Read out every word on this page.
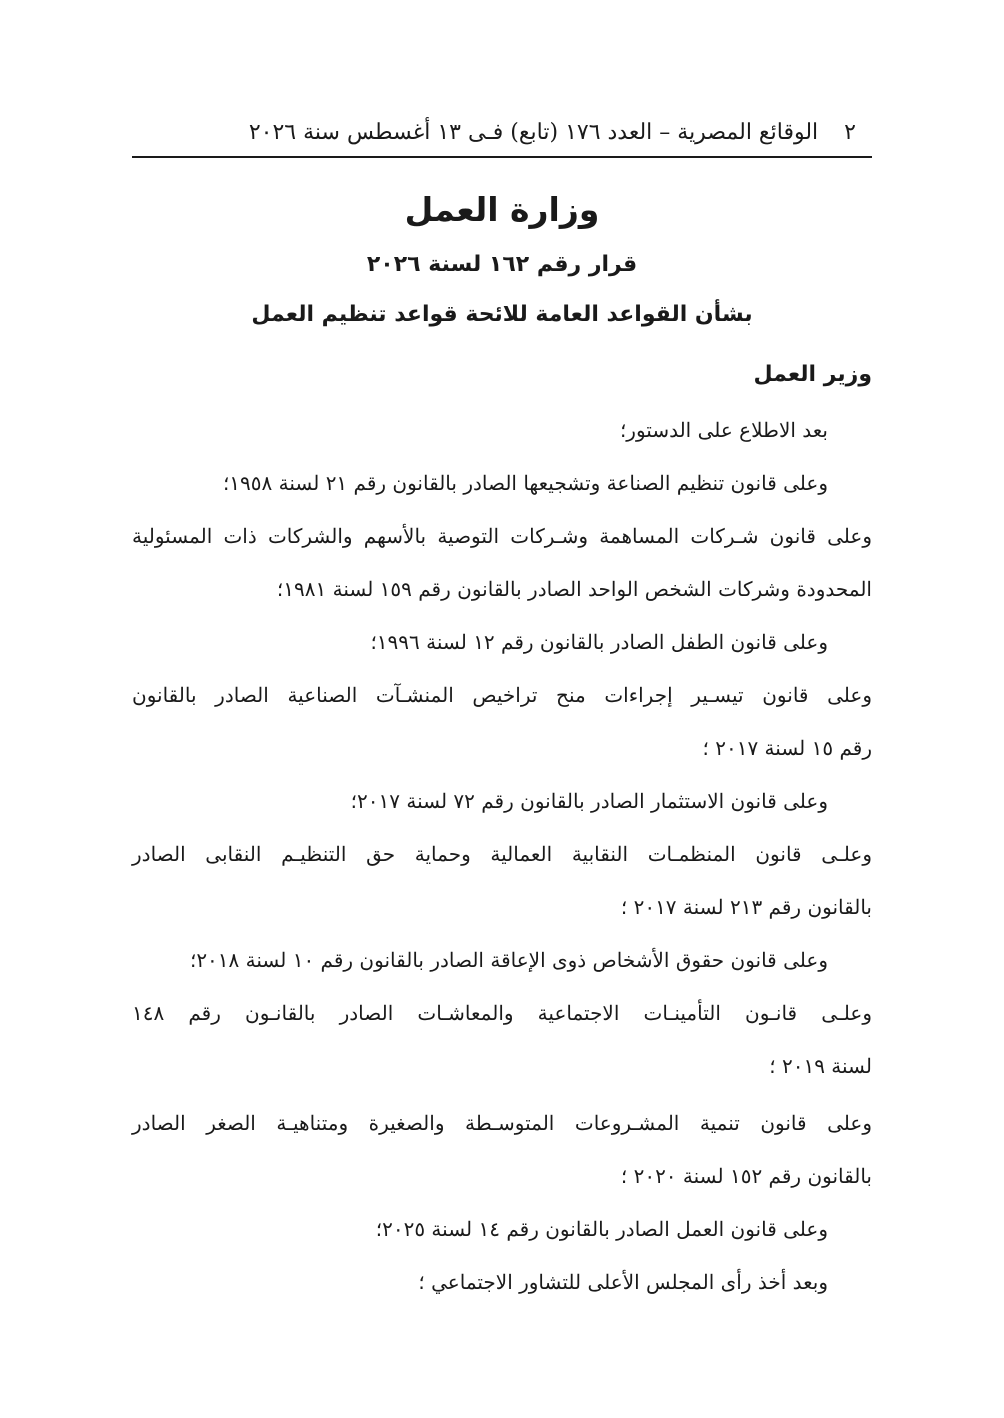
٢
الوقائع المصرية – العدد ١٧٦ (تابع) فـى ١٣ أغسطس سنة ٢٠٢٦
وزارة العمل
قرار رقم ١٦٢ لسنة ٢٠٢٦
بشأن القواعد العامة للائحة قواعد تنظيم العمل
وزير العمل
بعد الاطلاع على الدستور؛
وعلى قانون تنظيم الصناعة وتشجيعها الصادر بالقانون رقم ٢١ لسنة ١٩٥٨؛
وعلى قانون شـركات المساهمة وشـركات التوصية بالأسهم والشركات ذات المسئولية
المحدودة وشركات الشخص الواحد الصادر بالقانون رقم ١٥٩ لسنة ١٩٨١؛
وعلى قانون الطفل الصادر بالقانون رقم ١٢ لسنة ١٩٩٦؛
وعلى قانون تيسـير إجراءات منح تراخيص المنشـآت الصناعية الصادر بالقانون
رقم ١٥ لسنة ٢٠١٧ ؛
وعلى قانون الاستثمار الصادر بالقانون رقم ٧٢ لسنة ٢٠١٧؛
وعلـى قانون المنظمـات النقابية العمالية وحماية حق التنظيـم النقابى الصادر
بالقانون رقم ٢١٣ لسنة ٢٠١٧ ؛
وعلى قانون حقوق الأشخاص ذوى الإعاقة الصادر بالقانون رقم ١٠ لسنة ٢٠١٨؛
وعلـى قانـون التأمينـات الاجتماعية والمعاشـات الصادر بالقانـون رقم ١٤٨
لسنة ٢٠١٩ ؛
وعلى قانون تنمية المشـروعات المتوسـطة والصغيرة ومتناهيـة الصغر الصادر
بالقانون رقم ١٥٢ لسنة ٢٠٢٠ ؛
وعلى قانون العمل الصادر بالقانون رقم ١٤ لسنة ٢٠٢٥؛
وبعد أخذ رأى المجلس الأعلى للتشاور الاجتماعي ؛
